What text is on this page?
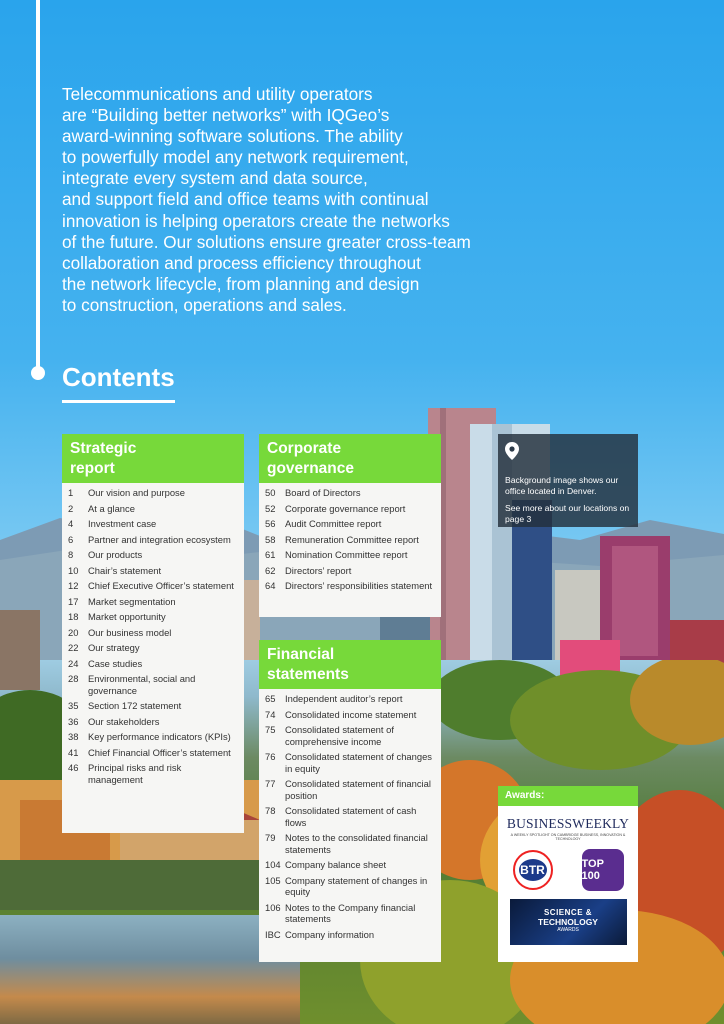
Telecommunications and utility operators
are “Building better networks” with IQGeo’s
award-winning software solutions. The ability
to powerfully model any network requirement,
integrate every system and data source,
and support field and office teams with continual
innovation is helping operators create the networks
of the future. Our solutions ensure greater cross-team
collaboration and process efficiency throughout
the network lifecycle, from planning and design
to construction, operations and sales.
Contents
Strategic
report
1	Our vision and purpose
2	At a glance
4	Investment case
6	Partner and integration ecosystem
8	Our products
10	Chair’s statement
12	Chief Executive Officer’s statement
17	Market segmentation
18	Market opportunity
20	Our business model
22	Our strategy
24	Case studies
28	Environmental, social and governance
35	Section 172 statement
36	Our stakeholders
38	Key performance indicators (KPIs)
41	Chief Financial Officer’s statement
46	Principal risks and risk management
Corporate
governance
50	Board of Directors
52	Corporate governance report
56	Audit Committee report
58	Remuneration Committee report
61	Nomination Committee report
62	Directors’ report
64	Directors’ responsibilities statement
Financial
statements
65	Independent auditor’s report
74	Consolidated income statement
75	Consolidated statement of comprehensive income
76	Consolidated statement of changes in equity
77	Consolidated statement of financial position
78	Consolidated statement of cash flows
79	Notes to the consolidated financial statements
104 Company balance sheet
105 Company statement of changes in equity
106 Notes to the Company financial statements
IBC Company information

Background image shows our office located in Denver.

See more about our locations on page 3

Awards:
BUSINESSWEEKLY
A WEEKLY SPOTLIGHT ON CAMBRIDGE BUSINESS, INNOVATION & TECHNOLOGY
BTR	TOP 100
SCIENCE &
TECHNOLOGY
AWARDS
